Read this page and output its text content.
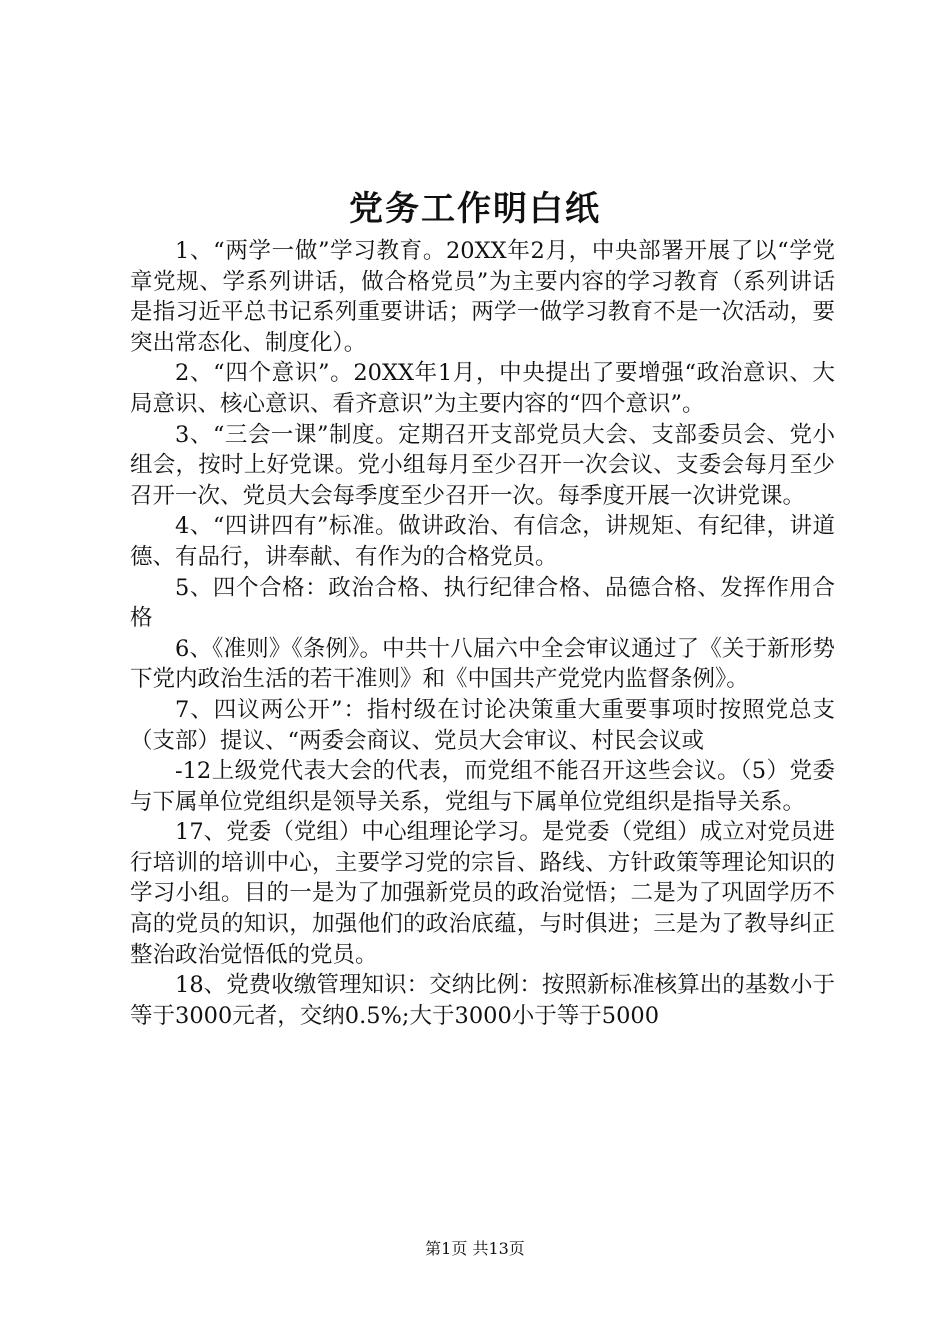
党务工作明白纸

1、“两学一做”学习教育。20XX年2月，中央部署开展了以“学党章党规、学系列讲话，做合格党员”为主要内容的学习教育（系列讲话是指习近平总书记系列重要讲话；两学一做学习教育不是一次活动，要突出常态化、制度化）。

2、“四个意识”。20XX年1月，中央提出了要增强“政治意识、大局意识、核心意识、看齐意识”为主要内容的“四个意识”。

3、“三会一课”制度。定期召开支部党员大会、支部委员会、党小组会，按时上好党课。党小组每月至少召开一次会议、支委会每月至少召开一次、党员大会每季度至少召开一次。每季度开展一次讲党课。

4、“四讲四有”标准。做讲政治、有信念，讲规矩、有纪律，讲道德、有品行，讲奉献、有作为的合格党员。

5、四个合格：政治合格、执行纪律合格、品德合格、发挥作用合格

6、《准则》《条例》。中共十八届六中全会审议通过了《关于新形势下党内政治生活的若干准则》和《中国共产党党内监督条例》。

7、四议两公开”：指村级在讨论决策重大重要事项时按照党总支（支部）提议、“两委会商议、党员大会审议、村民会议或

-12上级党代表大会的代表，而党组不能召开这些会议。（5）党委与下属单位党组织是领导关系，党组与下属单位党组织是指导关系。

17、党委（党组）中心组理论学习。是党委（党组）成立对党员进行培训的培训中心，主要学习党的宗旨、路线、方针政策等理论知识的学习小组。目的一是为了加强新党员的政治觉悟；二是为了巩固学历不高的党员的知识，加强他们的政治底蕴，与时俱进；三是为了教导纠正整治政治觉悟低的党员。

18、党费收缴管理知识：交纳比例：按照新标准核算出的基数小于等于3000元者，交纳0.5%;大于3000小于等于5000

第1页 共13页
